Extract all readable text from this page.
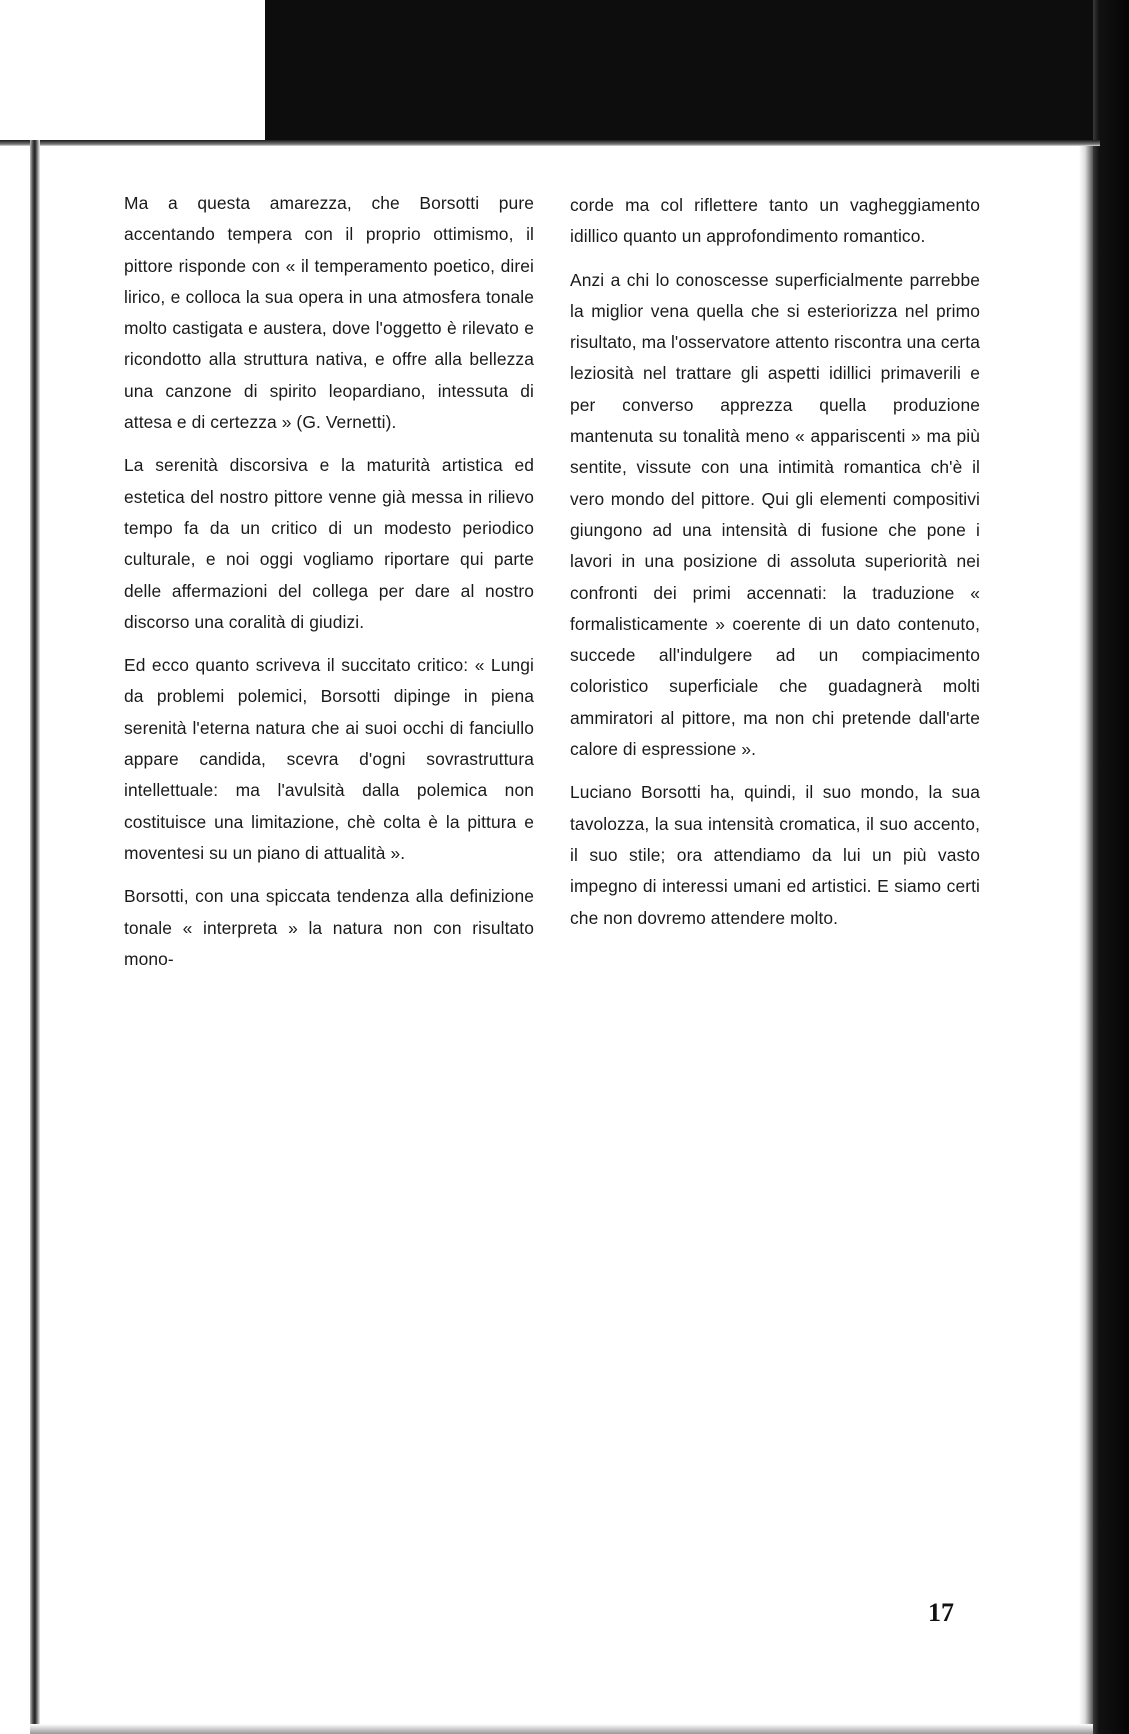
Ma a questa amarezza, che Borsotti pure accentando tempera con il proprio ottimismo, il pittore risponde con « il temperamento poetico, direi lirico, e colloca la sua opera in una atmosfera tonale molto castigata e austera, dove l'oggetto è rilevato e ricondotto alla struttura nativa, e offre alla bellezza una canzone di spirito leopardiano, intessuta di attesa e di certezza » (G. Vernetti).

La serenità discorsiva e la maturità artistica ed estetica del nostro pittore venne già messa in rilievo tempo fa da un critico di un modesto periodico culturale, e noi oggi vogliamo riportare qui parte delle affermazioni del collega per dare al nostro discorso una coralità di giudizi.

Ed ecco quanto scriveva il succitato critico: « Lungi da problemi polemici, Borsotti dipinge in piena serenità l'eterna natura che ai suoi occhi di fanciullo appare candida, scevra d'ogni sovrastruttura intellettuale: ma l'avulsità dalla polemica non costituisce una limitazione, chè colta è la pittura e moventesi su un piano di attualità ».

Borsotti, con una spiccata tendenza alla definizione tonale « interpreta » la natura non con risultato mono-

corde ma col riflettere tanto un vagheggiamento idillico quanto un approfondimento romantico.

Anzi a chi lo conoscesse superficialmente parrebbe la miglior vena quella che si esteriorizza nel primo risultato, ma l'osservatore attento riscontra una certa leziosità nel trattare gli aspetti idillici primaverili e per converso apprezza quella produzione mantenuta su tonalità meno « appariscenti » ma più sentite, vissute con una intimità romantica ch'è il vero mondo del pittore. Qui gli elementi compositivi giungono ad una intensità di fusione che pone i lavori in una posizione di assoluta superiorità nei confronti dei primi accennati: la traduzione « formalisticamente » coerente di un dato contenuto, succede all'indulgere ad un compiacimento coloristico superficiale che guadagnerà molti ammiratori al pittore, ma non chi pretende dall'arte calore di espressione ».

Luciano Borsotti ha, quindi, il suo mondo, la sua tavolozza, la sua intensità cromatica, il suo accento, il suo stile; ora attendiamo da lui un più vasto impegno di interessi umani ed artistici. E siamo certi che non dovremo attendere molto.

17
